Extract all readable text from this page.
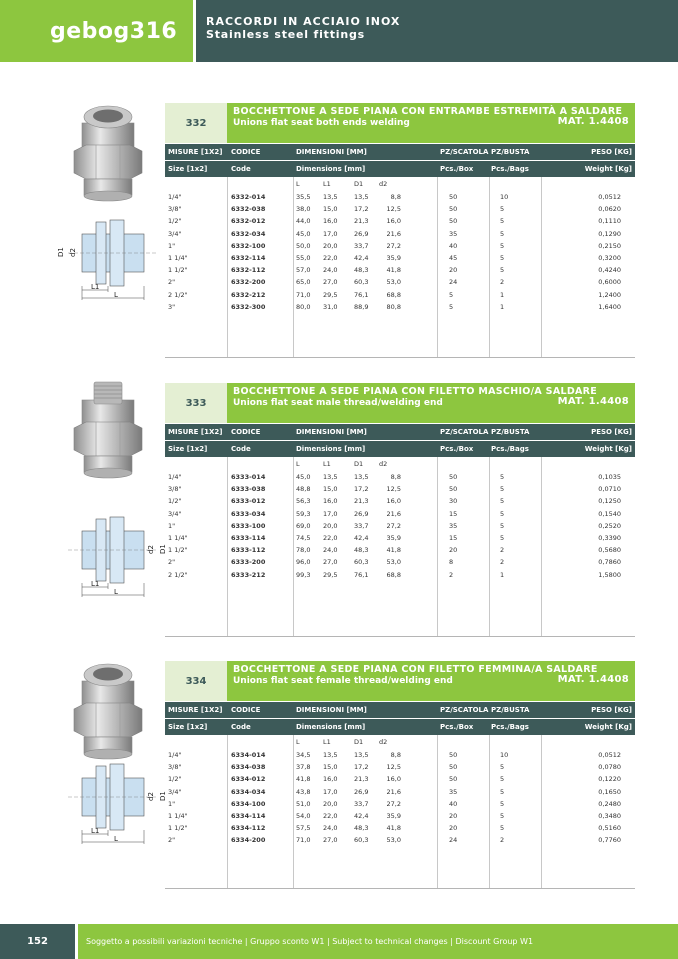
gebog316	RACCORDI IN ACCIAIO INOX
Stainless steel fittings
L
L1
D1 d2
332
BOCCHETTONE A SEDE PIANA CON ENTRAMBE ESTREMITÀ A SALDARE
Unions flat seat both ends welding	MAT. 1.4408
MISURE [1X2]	CODICE	DIMENSIONI [MM]	PZ/SCATOLA PZ/BUSTA	PESO [KG]
Size [1x2]	Code	Dimensions [mm]	Pcs./Box	Pcs./Bags	Weight [Kg]
L	L1	D1	d2
1/4"	6332-014	35,5	13,5	13,5	8,8	50	10	0,0512
3/8"	6332-038	38,0	15,0	17,2	12,5	50	5	0,0620
1/2"	6332-012	44,0	16,0	21,3	16,0	50	5	0,1110
3/4"	6332-034	45,0	17,0	26,9	21,6	35	5	0,1290
1"	6332-100	50,0	20,0	33,7	27,2	40	5	0,2150
1 1/4"	6332-114	55,0	22,0	42,4	35,9	45	5	0,3200
1 1/2"	6332-112	57,0	24,0	48,3	41,8	20	5	0,4240
2"	6332-200	65,0	27,0	60,3	53,0	24	2	0,6000
2 1/2"	6332-212	71,0	29,5	76,1	68,8	5	1	1,2400
3"	6332-300	80,0	31,0	88,9	80,8	5	1	1,6400
L
L1
D1
d2
333
BOCCHETTONE A SEDE PIANA CON FILETTO MASCHIO/A SALDARE
Unions flat seat male thread/welding end	MAT. 1.4408
MISURE [1X2]	CODICE	DIMENSIONI [MM]	PZ/SCATOLA PZ/BUSTA	PESO [KG]
Size [1x2]	Code	Dimensions [mm]	Pcs./Box	Pcs./Bags	Weight [Kg]
L	L1	D1	d2
1/4"	6333-014	45,0	13,5	13,5	8,8	50	5	0,1035
3/8"	6333-038	48,8	15,0	17,2	12,5	50	5	0,0710
1/2"	6333-012	56,3	16,0	21,3	16,0	30	5	0,1250
3/4"	6333-034	59,3	17,0	26,9	21,6	15	5	0,1540
1"	6333-100	69,0	20,0	33,7	27,2	35	5	0,2520
1 1/4"	6333-114	74,5	22,0	42,4	35,9	15	5	0,3390
1 1/2"	6333-112	78,0	24,0	48,3	41,8	20	2	0,5680
2"	6333-200	96,0	27,0	60,3	53,0	8	2	0,7860
2 1/2"	6333-212	99,3	29,5	76,1	68,8	2	1	1,5800
L
L1
D1
d2
334
BOCCHETTONE A SEDE PIANA CON FILETTO FEMMINA/A SALDARE
Unions flat seat female thread/welding end	MAT. 1.4408
MISURE [1X2]	CODICE	DIMENSIONI [MM]	PZ/SCATOLA PZ/BUSTA	PESO [KG]
Size [1x2]	Code	Dimensions [mm]	Pcs./Box	Pcs./Bags	Weight [Kg]
L	L1	D1	d2
1/4"	6334-014	34,5	13,5	13,5	8,8	50	10	0,0512
3/8"	6334-038	37,8	15,0	17,2	12,5	50	5	0,0780
1/2"	6334-012	41,8	16,0	21,3	16,0	50	5	0,1220
3/4"	6334-034	43,8	17,0	26,9	21,6	35	5	0,1650
1"	6334-100	51,0	20,0	33,7	27,2	40	5	0,2480
1 1/4"	6334-114	54,0	22,0	42,4	35,9	20	5	0,3480
1 1/2"	6334-112	57,5	24,0	48,3	41,8	20	5	0,5160
2"	6334-200	71,0	27,0	60,3	53,0	24	2	0,7760
152	Soggetto a possibili variazioni tecniche | Gruppo sconto W1 | Subject to technical changes | Discount Group W1
